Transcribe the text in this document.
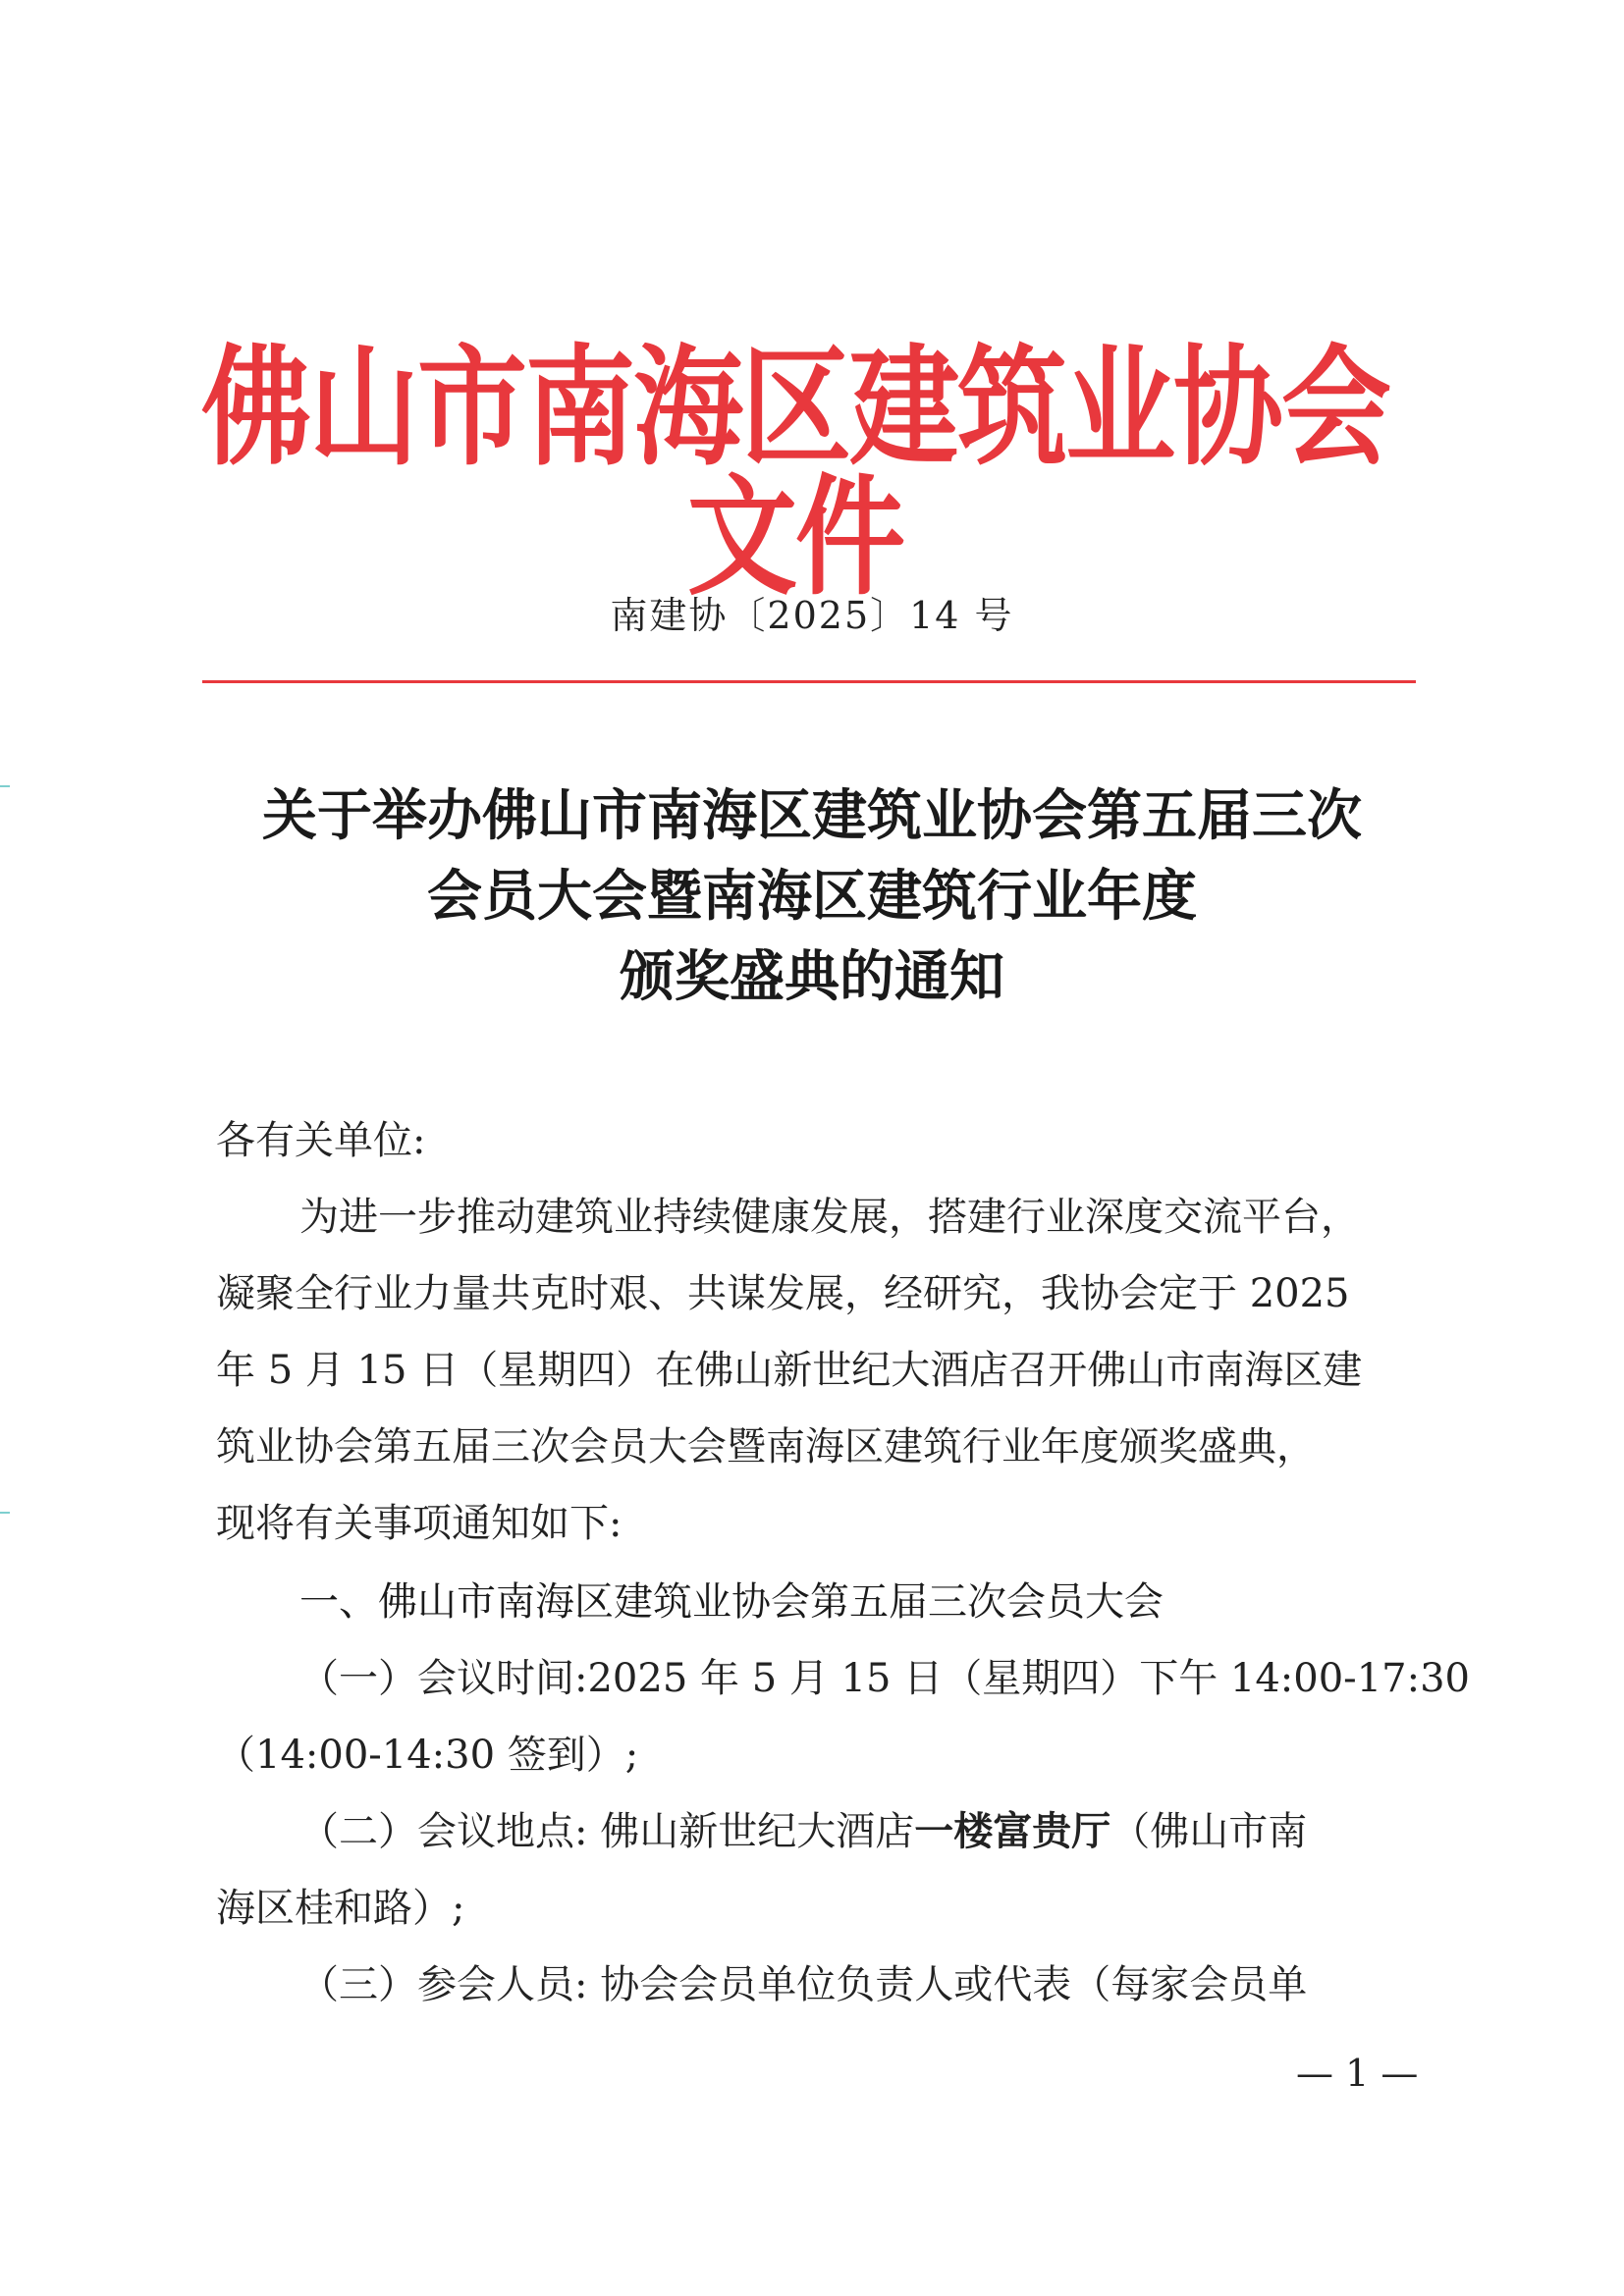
佛山市南海区建筑业协会文件
南建协〔2025〕14 号
关于举办佛山市南海区建筑业协会第五届三次
会员大会暨南海区建筑行业年度
颁奖盛典的通知
各有关单位:
为进一步推动建筑业持续健康发展，搭建行业深度交流平台，
凝聚全行业力量共克时艰、共谋发展，经研究，我协会定于 2025
年 5 月 15 日（星期四）在佛山新世纪大酒店召开佛山市南海区建
筑业协会第五届三次会员大会暨南海区建筑行业年度颁奖盛典，
现将有关事项通知如下:
一、佛山市南海区建筑业协会第五届三次会员大会
（一）会议时间:2025 年 5 月 15 日（星期四）下午 14:00-17:30
（14:00-14:30 签到）;
（二）会议地点: 佛山新世纪大酒店一楼富贵厅（佛山市南
海区桂和路）;
（三）参会人员: 协会会员单位负责人或代表（每家会员单
— 1 —
